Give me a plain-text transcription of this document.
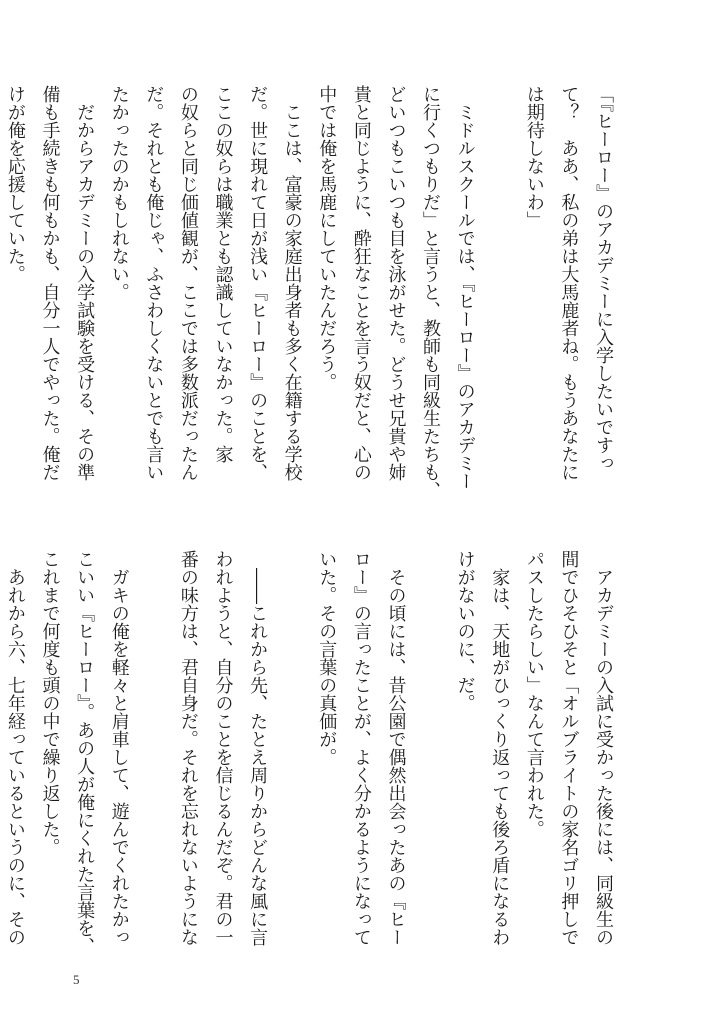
「『ヒーロー』のアカデミーに入学したいですっ
て？　ああ、私の弟は大馬鹿者ね。もうあなたに
は期待しないわ」
　ミドルスクールでは、『ヒーロー』のアカデミー
に行くつもりだ」と言うと、教師も同級生たちも、
どいつもこいつも目を泳がせた。どうせ兄貴や姉
貴と同じように、酔狂なことを言う奴だと、心の
中では俺を馬鹿にしていたんだろう。
　ここは、富豪の家庭出身者も多く在籍する学校
だ。世に現れて日が浅い『ヒーロー』のことを、
ここの奴らは職業とも認識していなかった。家
の奴らと同じ価値観が、ここでは多数派だったん
だ。それとも俺じゃ、ふさわしくないとでも言い
たかったのかもしれない。
　だからアカデミーの入学試験を受ける、その準
備も手続きも何もかも、自分一人でやった。俺だ
けが俺を応援していた。
　アカデミーの入試に受かった後には、同級生の
間でひそひそと「オルブライトの家名ゴリ押しで
パスしたらしい」なんて言われた。
　家は、天地がひっくり返っても後ろ盾になるわ
けがないのに、だ。
　その頃には、昔公園で偶然出会ったあの『ヒー
ロー』の言ったことが、よく分かるようになって
いた。その言葉の真価が。
　――これから先、たとえ周りからどんな風に言
われようと、自分のことを信じるんだぞ。君の一
番の味方は、君自身だ。それを忘れないようにな
　ガキの俺を軽々と肩車して、遊んでくれたかっ
こいい『ヒーロー』。あの人が俺にくれた言葉を、
これまで何度も頭の中で繰り返した。
　あれから六、七年経っているというのに、その
5
